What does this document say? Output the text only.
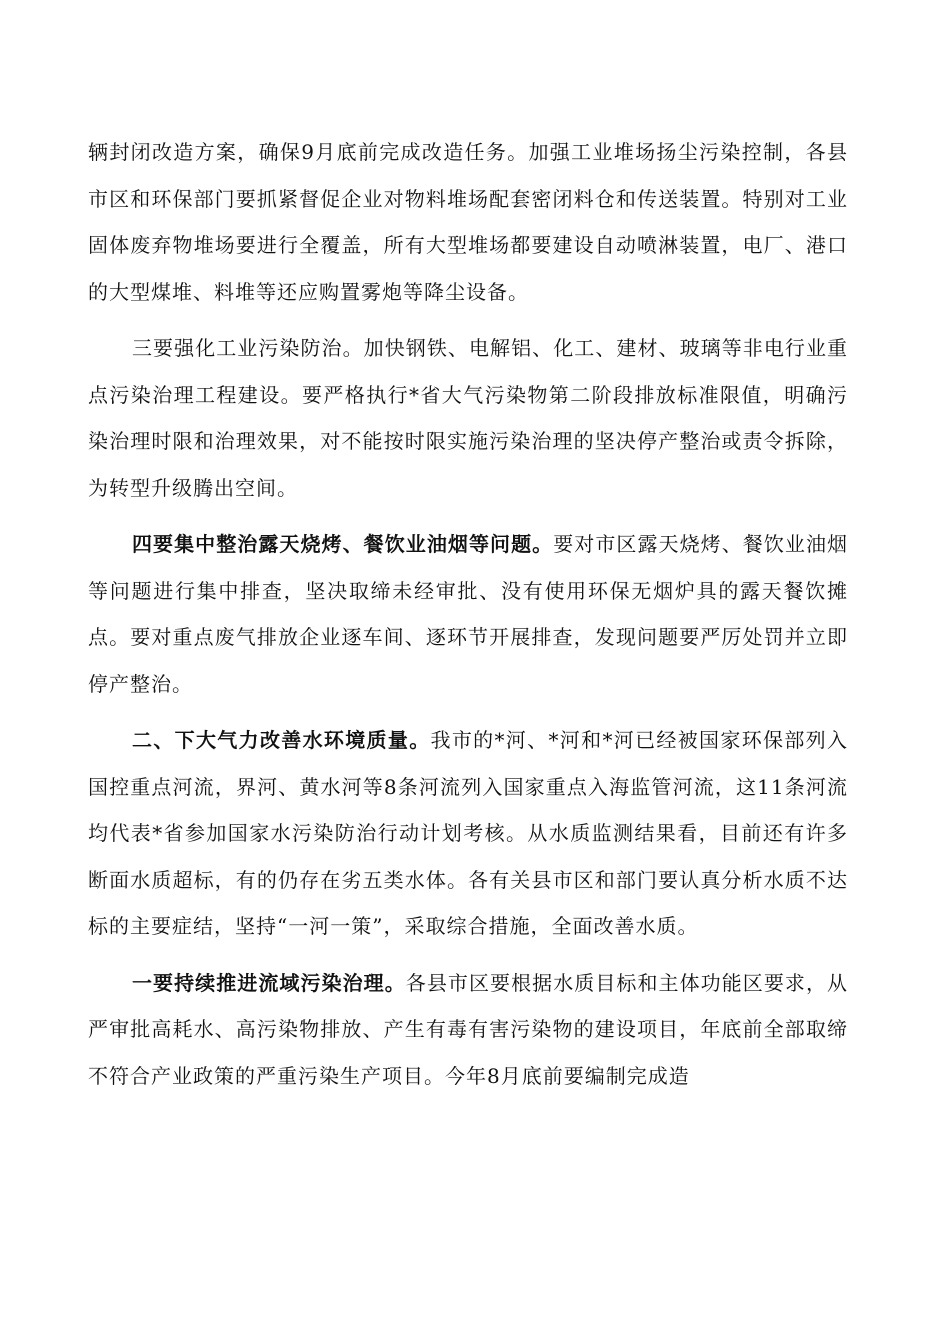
辆封闭改造方案，确保9月底前完成改造任务。加强工业堆场扬尘污染控制，各县市区和环保部门要抓紧督促企业对物料堆场配套密闭料仓和传送装置。特别对工业固体废弃物堆场要进行全覆盖，所有大型堆场都要建设自动喷淋装置，电厂、港口的大型煤堆、料堆等还应购置雾炮等降尘设备。

三要强化工业污染防治。加快钢铁、电解铝、化工、建材、玻璃等非电行业重点污染治理工程建设。要严格执行*省大气污染物第二阶段排放标准限值，明确污染治理时限和治理效果，对不能按时限实施污染治理的坚决停产整治或责令拆除，为转型升级腾出空间。

四要集中整治露天烧烤、餐饮业油烟等问题。要对市区露天烧烤、餐饮业油烟等问题进行集中排查，坚决取缔未经审批、没有使用环保无烟炉具的露天餐饮摊点。要对重点废气排放企业逐车间、逐环节开展排查，发现问题要严厉处罚并立即停产整治。

二、下大气力改善水环境质量。我市的*河、*河和*河已经被国家环保部列入国控重点河流，界河、黄水河等8条河流列入国家重点入海监管河流，这11条河流均代表*省参加国家水污染防治行动计划考核。从水质监测结果看，目前还有许多断面水质超标，有的仍存在劣五类水体。各有关县市区和部门要认真分析水质不达标的主要症结，坚持“一河一策”，采取综合措施，全面改善水质。

一要持续推进流域污染治理。各县市区要根据水质目标和主体功能区要求，从严审批高耗水、高污染物排放、产生有毒有害污染物的建设项目，年底前全部取缔不符合产业政策的严重污染生产项目。今年8月底前要编制完成造
